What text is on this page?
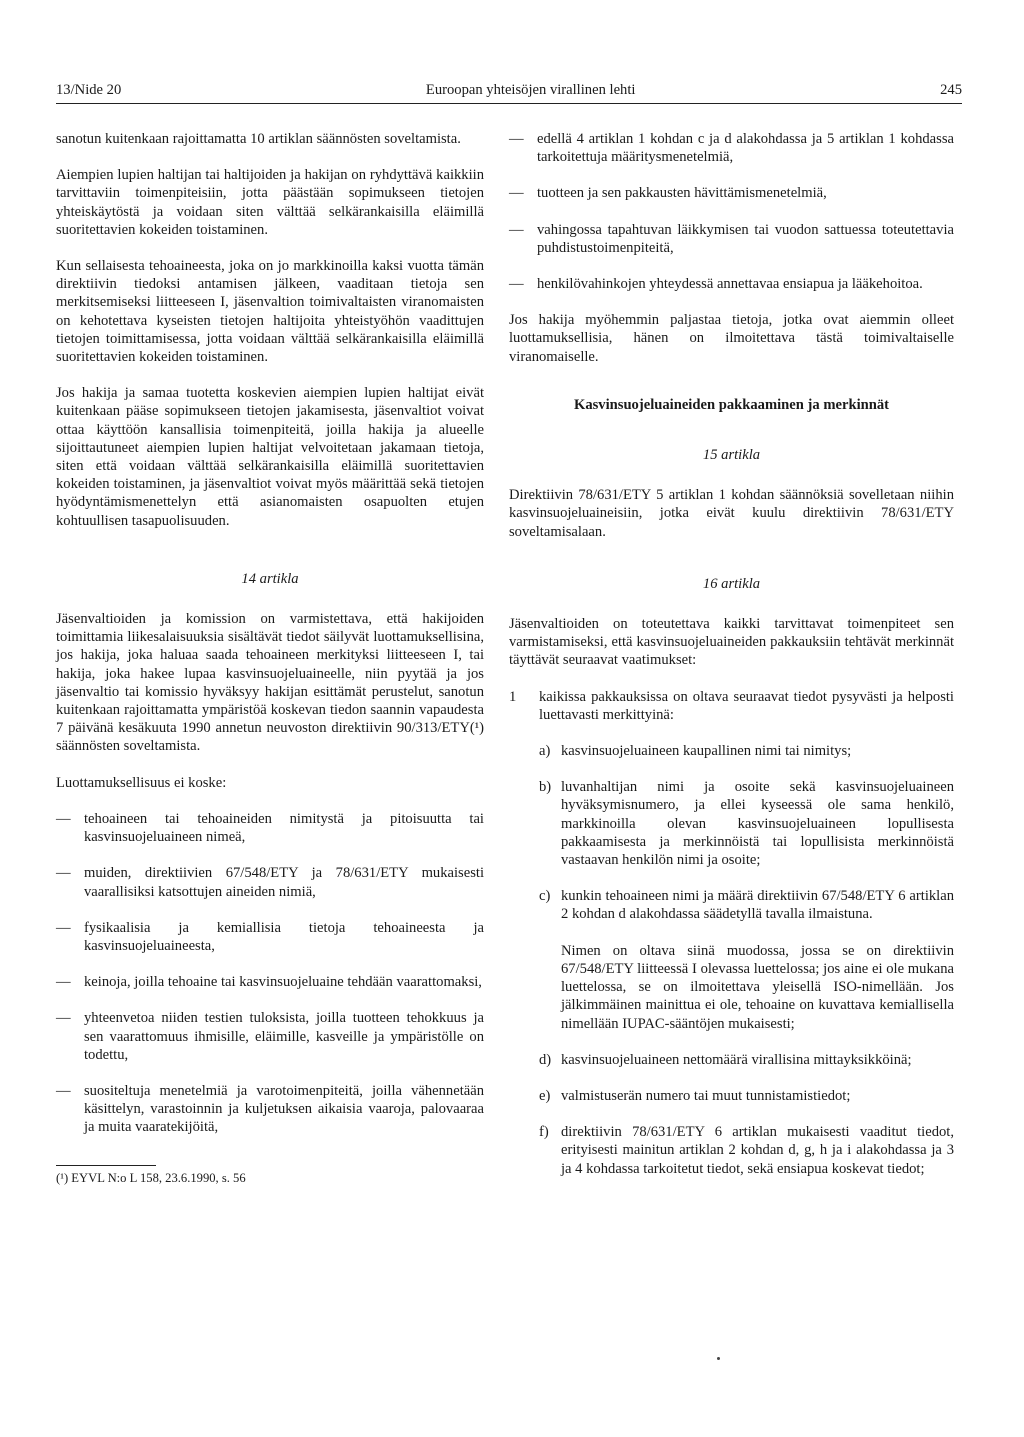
13/Nide 20	Euroopan yhteisöjen virallinen lehti	245

sanotun kuitenkaan rajoittamatta 10 artiklan säännösten soveltamista.

Aiempien lupien haltijan tai haltijoiden ja hakijan on ryhdyttävä kaikkiin tarvittaviin toimenpiteisiin, jotta päästään sopimukseen tietojen yhteiskäytöstä ja voidaan siten välttää selkärankaisilla eläimillä suoritettavien kokeiden toistaminen.

Kun sellaisesta tehoaineesta, joka on jo markkinoilla kaksi vuotta tämän direktiivin tiedoksi antamisen jälkeen, vaaditaan tietoja sen merkitsemiseksi liitteeseen I, jäsenvaltion toimivaltaisten viranomaisten on kehotettava kyseisten tietojen haltijoita yhteistyöhön vaadittujen tietojen toimittamisessa, jotta voidaan välttää selkärankaisilla eläimillä suoritettavien kokeiden toistaminen.

Jos hakija ja samaa tuotetta koskevien aiempien lupien haltijat eivät kuitenkaan pääse sopimukseen tietojen jakamisesta, jäsenvaltiot voivat ottaa käyttöön kansallisia toimenpiteitä, joilla hakija ja alueelle sijoittautuneet aiempien lupien haltijat velvoitetaan jakamaan tietoja, siten että voidaan välttää selkärankaisilla eläimillä suoritettavien kokeiden toistaminen, ja jäsenvaltiot voivat myös määrittää sekä tietojen hyödyntämismenettelyn että asianomaisten osapuolten etujen kohtuullisen tasapuolisuuden.

14 artikla

Jäsenvaltioiden ja komission on varmistettava, että hakijoiden toimittamia liikesalaisuuksia sisältävät tiedot säilyvät luottamuksellisina, jos hakija, joka haluaa saada tehoaineen merkityksi liitteeseen I, tai hakija, joka hakee lupaa kasvinsuojeluaineelle, niin pyytää ja jos jäsenvaltio tai komissio hyväksyy hakijan esittämät perustelut, sanotun kuitenkaan rajoittamatta ympäristöä koskevan tiedon saannin vapaudesta 7 päivänä kesäkuuta 1990 annetun neuvoston direktiivin 90/313/ETY(¹) säännösten soveltamista.

Luottamuksellisuus ei koske:

— tehoaineen tai tehoaineiden nimitystä ja pitoisuutta tai kasvinsuojeluaineen nimeä,
— muiden, direktiivien 67/548/ETY ja 78/631/ETY mukaisesti vaarallisiksi katsottujen aineiden nimiä,
— fysikaalisia ja kemiallisia tietoja tehoaineesta ja kasvinsuojeluaineesta,
— keinoja, joilla tehoaine tai kasvinsuojeluaine tehdään vaarattomaksi,
— yhteenvetoa niiden testien tuloksista, joilla tuotteen tehokkuus ja sen vaarattomuus ihmisille, eläimille, kasveille ja ympäristölle on todettu,
— suositeltuja menetelmiä ja varotoimenpiteitä, joilla vähennetään käsittelyn, varastoinnin ja kuljetuksen aikaisia vaaroja, palovaaraa ja muita vaaratekijöitä,

(¹) EYVL N:o L 158, 23.6.1990, s. 56

— edellä 4 artiklan 1 kohdan c ja d alakohdassa ja 5 artiklan 1 kohdassa tarkoitettuja määritysmenetelmiä,
— tuotteen ja sen pakkausten hävittämismenetelmiä,
— vahingossa tapahtuvan läikkymisen tai vuodon sattuessa toteutettavia puhdistustoimenpiteitä,
— henkilövahinkojen yhteydessä annettavaa ensiapua ja lääkehoitoa.

Jos hakija myöhemmin paljastaa tietoja, jotka ovat aiemmin olleet luottamuksellisia, hänen on ilmoitettava tästä toimivaltaiselle viranomaiselle.

Kasvinsuojeluaineiden pakkaaminen ja merkinnät

15 artikla

Direktiivin 78/631/ETY 5 artiklan 1 kohdan säännöksiä sovelletaan niihin kasvinsuojeluaineisiin, jotka eivät kuulu direktiivin 78/631/ETY soveltamisalaan.

16 artikla

Jäsenvaltioiden on toteutettava kaikki tarvittavat toimenpiteet sen varmistamiseksi, että kasvinsuojeluaineiden pakkauksiin tehtävät merkinnät täyttävät seuraavat vaatimukset:

1	kaikissa pakkauksissa on oltava seuraavat tiedot pysyvästi ja helposti luettavasti merkittyinä:
a) kasvinsuojeluaineen kaupallinen nimi tai nimitys;
b) luvanhaltijan nimi ja osoite sekä kasvinsuojeluaineen hyväksymisnumero, ja ellei kyseessä ole sama henkilö, markkinoilla olevan kasvinsuojeluaineen lopullisesta pakkaamisesta ja merkinnöistä tai lopullisista merkinnöistä vastaavan henkilön nimi ja osoite;
c) kunkin tehoaineen nimi ja määrä direktiivin 67/548/ETY 6 artiklan 2 kohdan d alakohdassa säädetyllä tavalla ilmaistuna.

Nimen on oltava siinä muodossa, jossa se on direktiivin 67/548/ETY liitteessä I olevassa luettelossa; jos aine ei ole mukana luettelossa, se on ilmoitettava yleisellä ISO-nimellään. Jos jälkimmäinen mainittua ei ole, tehoaine on kuvattava kemiallisella nimellään IUPAC-sääntöjen mukaisesti;

d) kasvinsuojeluaineen nettomäärä virallisina mittayksikköinä;
e) valmistuserän numero tai muut tunnistamistiedot;
f) direktiivin 78/631/ETY 6 artiklan mukaisesti vaaditut tiedot, erityisesti mainitun artiklan 2 kohdan d, g, h ja i alakohdassa ja 3 ja 4 kohdassa tarkoitetut tiedot, sekä ensiapua koskevat tiedot;
